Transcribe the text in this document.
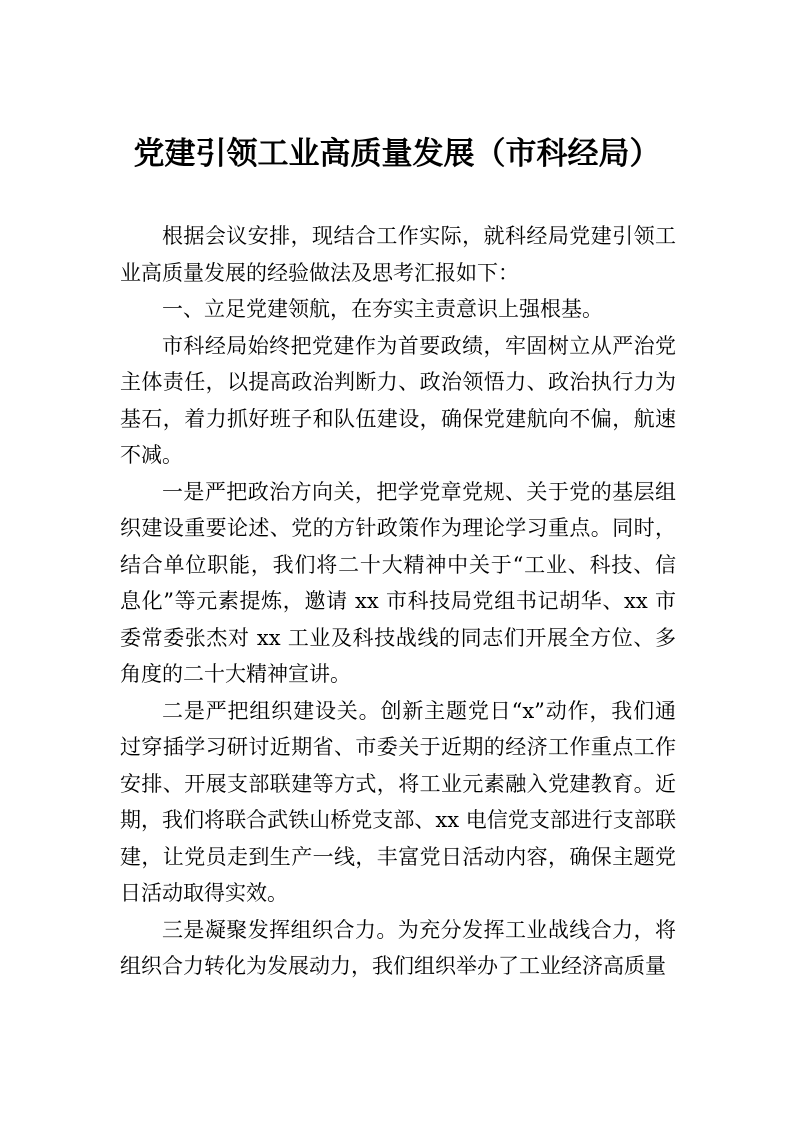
党建引领工业高质量发展（市科经局）

根据会议安排，现结合工作实际，就科经局党建引领工业高质量发展的经验做法及思考汇报如下：

一、立足党建领航，在夯实主责意识上强根基。

市科经局始终把党建作为首要政绩，牢固树立从严治党主体责任，以提高政治判断力、政治领悟力、政治执行力为基石，着力抓好班子和队伍建设，确保党建航向不偏，航速不减。

一是严把政治方向关，把学党章党规、关于党的基层组织建设重要论述、党的方针政策作为理论学习重点。同时， 结合单位职能，我们将二十大精神中关于“工业、科技、信息化”等元素提炼，邀请 xx 市科技局党组书记胡华、xx 市委常委张杰对 xx 工业及科技战线的同志们开展全方位、多角度的二十大精神宣讲。

二是严把组织建设关。创新主题党日“x”动作，我们通过穿插学习研讨近期省、市委关于近期的经济工作重点工作安排、开展支部联建等方式，将工业元素融入党建教育。近期，我们将联合武铁山桥党支部、xx 电信党支部进行支部联建，让党员走到生产一线，丰富党日活动内容，确保主题党日活动取得实效。

三是凝聚发挥组织合力。为充分发挥工业战线合力，将组织合力转化为发展动力，我们组织举办了工业经济高质量
